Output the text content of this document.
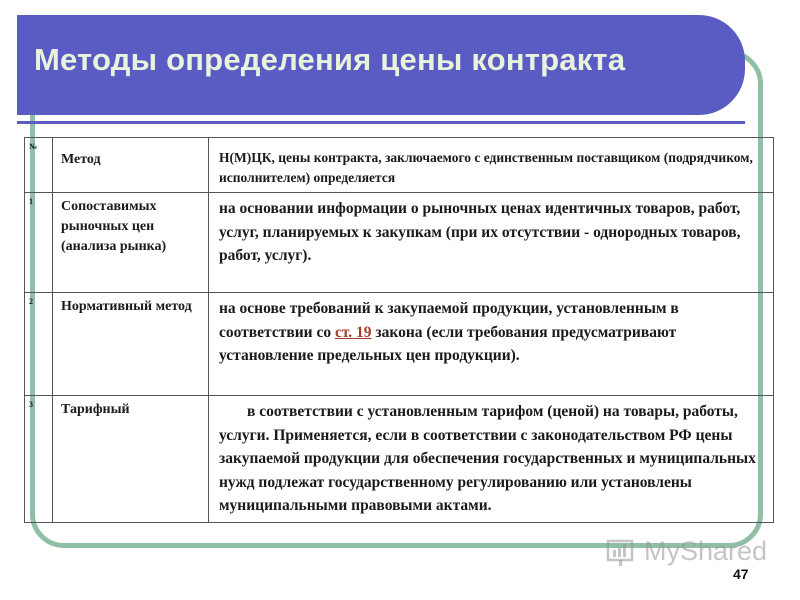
Методы определения цены контракта
№	Метод	Н(М)ЦК, цены контракта, заключаемого с единственным поставщиком (подрядчиком, исполнителем) определяется
1	Сопоставимых рыночных цен (анализа рынка)	на основании информации о рыночных ценах идентичных товаров, работ, услуг, планируемых к закупкам (при их отсутствии - однородных товаров, работ, услуг).
2	Нормативный метод	на основе требований к закупаемой продукции, установленным в соответствии со ст. 19 закона (если требования предусматривают установление предельных цен продукции).
3	Тарифный	в соответствии с установленным тарифом (ценой) на товары, работы, услуги. Применяется, если в соответствии с законодательством РФ цены закупаемой продукции для обеспечения государственных и муниципальных нужд подлежат государственному регулированию или установлены муниципальными правовыми актами.
MyShared
47
